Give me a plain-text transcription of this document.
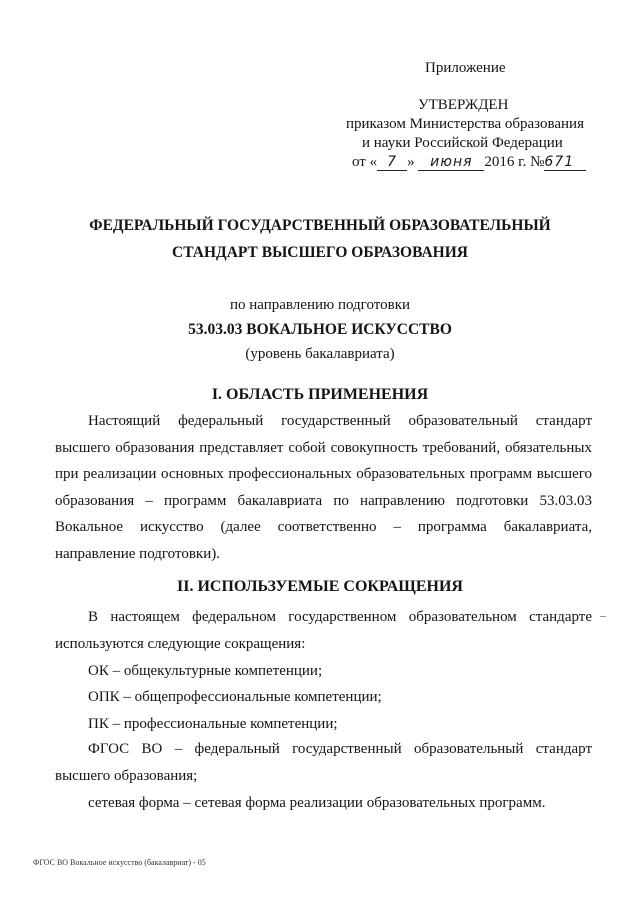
Приложение
УТВЕРЖДЕН
приказом Министерства образования
и науки Российской Федерации
от « 7 » июня 2016 г. №671
ФЕДЕРАЛЬНЫЙ ГОСУДАРСТВЕННЫЙ ОБРАЗОВАТЕЛЬНЫЙ
СТАНДАРТ ВЫСШЕГО ОБРАЗОВАНИЯ
по направлению подготовки
53.03.03 ВОКАЛЬНОЕ ИСКУССТВО
(уровень бакалавриата)
I. ОБЛАСТЬ ПРИМЕНЕНИЯ
Настоящий федеральный государственный образовательный стандарт высшего образования представляет собой совокупность требований, обязательных при реализации основных профессиональных образовательных программ высшего образования – программ бакалавриата по направлению подготовки 53.03.03 Вокальное искусство (далее соответственно – программа бакалавриата, направление подготовки).
II. ИСПОЛЬЗУЕМЫЕ СОКРАЩЕНИЯ
В настоящем федеральном государственном образовательном стандарте используются следующие сокращения:
ОК – общекультурные компетенции;
ОПК – общепрофессиональные компетенции;
ПК – профессиональные компетенции;
ФГОС ВО – федеральный государственный образовательный стандарт высшего образования;
сетевая форма – сетевая форма реализации образовательных программ.
ФГОС ВО Вокальное искусство (бакалавриат) - 05
